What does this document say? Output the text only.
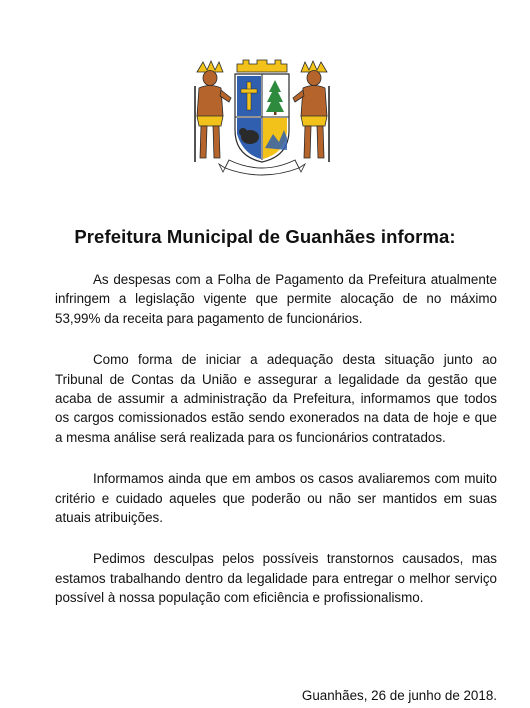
Prefeitura Municipal de Guanhães informa:

As despesas com a Folha de Pagamento da Prefeitura atualmente infringem a legislação vigente que permite alocação de no máximo 53,99% da receita para pagamento de funcionários.

Como forma de iniciar a adequação desta situação junto ao Tribunal de Contas da União e assegurar a legalidade da gestão que acaba de assumir a administração da Prefeitura, informamos que todos os cargos comissionados estão sendo exonerados na data de hoje e que a mesma análise será realizada para os funcionários contratados.

Informamos ainda que em ambos os casos avaliaremos com muito critério e cuidado aqueles que poderão ou não ser mantidos em suas atuais atribuições.

Pedimos desculpas pelos possíveis transtornos causados, mas estamos trabalhando dentro da legalidade para entregar o melhor serviço possível à nossa população com eficiência e profissionalismo.

Guanhães, 26 de junho de 2018.
